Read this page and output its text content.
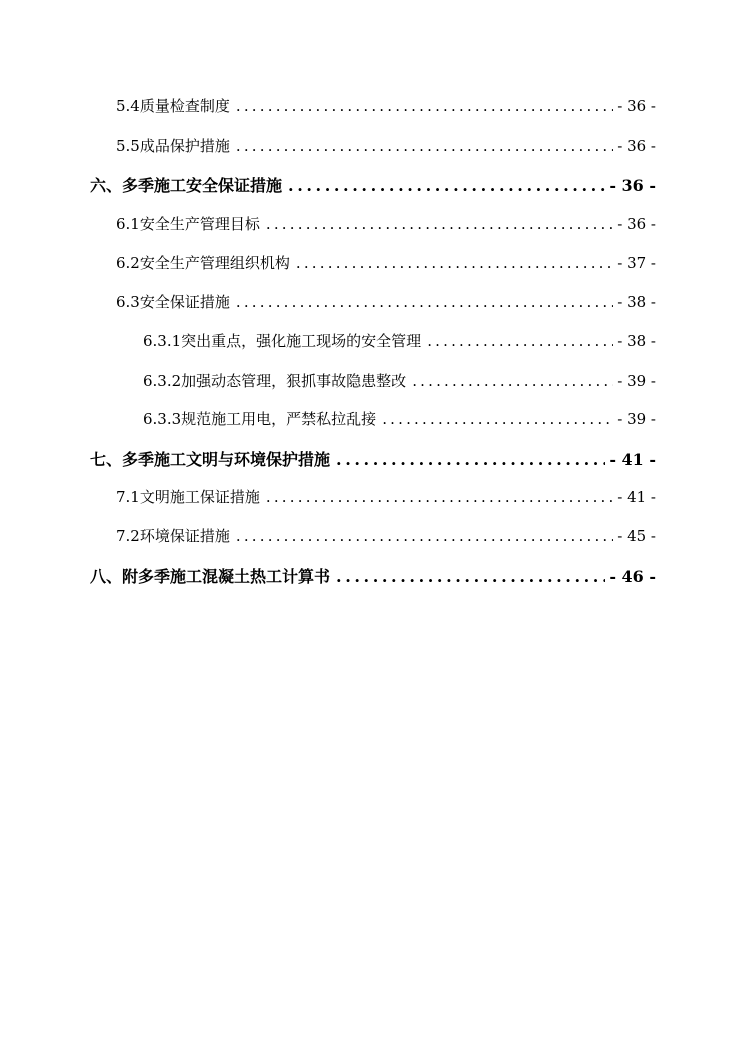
5.4 质量检查制度 .....	- 36 -
5.5 成品保护措施 .....	- 36 -
六、 多季施工安全保证措施 .....	- 36 -
6.1 安全生产管理目标 .....	- 36 -
6.2 安全生产管理组织机构 .....	- 37 -
6.3 安全保证措施 .....	- 38 -
6.3.1 突出重点，强化施工现场的安全管理 .....	- 38 -
6.3.2 加强动态管理，狠抓事故隐患整改 .....	- 39 -
6.3.3 规范施工用电，严禁私拉乱接 .....	- 39 -
七、 多季施工文明与环境保护措施 .....	- 41 -
7.1 文明施工保证措施 .....	- 41 -
7.2 环境保证措施 .....	- 45 -
八、 附多季施工混凝土热工计算书 .....	- 46 -
